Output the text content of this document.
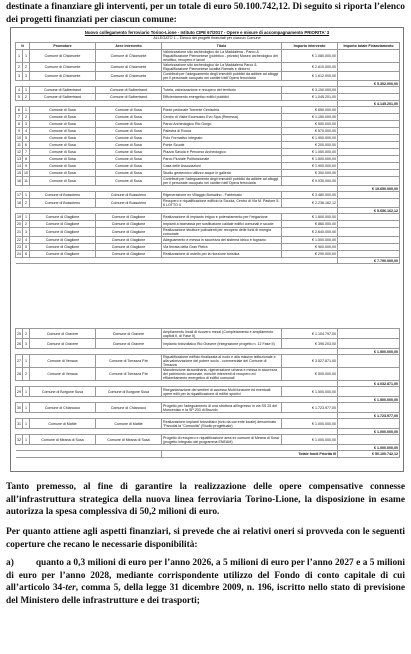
destinate a finanziare gli interventi, per un totale di euro 50.100.742,12. Di seguito si riporta l’elenco
dei progetti finanziati per ciascun comune:
Nuovo collegamento ferroviario Torino-Lione - Istituto CIPE 67/2017 - Opere e misure di accompagnamento PRIORITA' 3
ALLEGATO 1 – Elenco dei progetti finanziati per ciascun Comune
N		Promotore	Aree intervento	Titolo	Importo intervento	Importo totale Finanziamento
1	1	Comune di Chiomonte	Comune di Chiomonte	Valorizzazione sito archeologico de La Maddalena - Parco & Riqualificazione Piemontese (pubblico - privato) Museo archeologico del neolitico, recupero e lavori	€ 1.080.000,00	
2	2	Comune di Chiomonte	Comune di Chiomonte	Valorizzazione sito archeologico de La Maddalena Parco & Riqualificazione Piemontese località Ramats e dintorni	€ 2.610.000,00	
3	3	Comune di Chiomonte	Comune di Chiomonte	Contributi per l'adeguamento degli immobili pubblici da adibire ad alloggi per il personale occupato nei cantieri dell'Opera ferroviaria	€ 1.612.000,00	
						€ 5.302.000,00
4	1	Comune di Salbertrand	Comune di Salbertrand	Tutela, valorizzazione e recupero del territorio	€ 3.100.000,00	
5	2	Comune di Salbertrand	Comune di Salbertrand	Efficientamento energetico edifici pubblici	€ 1.045.201,00	
						€ 4.145.201,00
6	1	Comune di Susa	Comune di Susa	Ponte pedonale Torrente Cenischia	€ 650.000,00	
7	2	Comune di Susa	Comune di Susa	Centro di Visite Ecomuseo Evo Sipa (Rimessa)	€ 1.150.000,00	
8	3	Comune di Susa	Comune di Susa	Parco Archeologico Rio Gorgo	€ 500.000,00	
9	4	Comune di Susa	Comune di Susa	Palestra di Rocca	€ 570.000,00	
10	5	Comune di Susa	Comune di Susa	Polo Formativo Integrato	€ 1.900.000,00	
11	6	Comune di Susa	Comune di Susa	Ponte Scuole	€ 200.000,00	
12	7	Comune di Susa	Comune di Susa	Piazza Savoia e Percorso Archeologico	€ 1.050.000,00	
13	8	Comune di Susa	Comune di Susa	Parco Fluviale Polifunzionale	€ 1.500.000,00	
14	9	Comune di Susa	Comune di Susa	Casa delle Associazioni	€ 1.900.000,00	
15	10	Comune di Susa	Comune di Susa	Studio geotecnico utilizzo acque in galleria	€ 300.000,00	
16	11	Comune di Susa	Comune di Susa	Contributi per l'adeguamento degli immobili pubblici da adibire ad alloggi per il personale occupato nei cantieri dell'Opera ferroviaria	€ 9.930.000,00	
						€ 19.650.000,00
17	1	Comune di Bussoleno	Comune di Bussoleno	Rigenerazione ex Villaggio Borsalino - Fabbricato	€ 3.480.000,00	
18	2	Comune di Bussoleno	Comune di Bussoleno	Recupero e riqualificazione edificio la Scuola, Centro di Via M. Pastore 5-6 LOTTO II	€ 2.236.162,12	
						€ 5.656.162,12
19	1	Comune di Giaglione	Comune di Giaglione	Realizzazione di impianto irriguo e potenziamento per l'irrigazione	€ 1.600.000,00	
20	2	Comune di Giaglione	Comune di Giaglione	Impianti a biomassa per sostituzione caldaie edifici comunali e scuole	€ 860.000,00	
21	3	Comune di Giaglione	Comune di Giaglione	Realizzazione strutture polivalenti per recupero delle fonti di energia comunale	€ 2.640.000,00	
22	4	Comune di Giaglione	Comune di Giaglione	Adeguamento e messa in sicurezza del sistema idrico e fognario	€ 1.500.000,00	
23	5	Comune di Giaglione	Comune di Giaglione	Via ferrata della Gran Pietra	€ 900.000,00	
24	6	Comune di Giaglione	Comune di Giaglione	Realizzazione di ostello per la ricezione turistica	€ 290.000,00	
						€ 7.790.000,00
25	2	Comune di Gravere	Comune di Gravere	Ampliamento locali di ricovero mezzi (Completamento e ampliamento capitoli II, di Fase II)	€ 1.104.797,00	
26	3	Comune di Gravere	Comune di Gravere	Impianto fotovoltaico Rio Gravere (Integrazione progetto n. 12 Fase II)	€ 395.203,00	
						€ 1.500.000,00
27	1	Comune di Venaus	Comune di Torrazza P.te	Riqualificazione edificio finalizzata al ruolo e alla mission istituzionale e alla valorizzazione del potere socio - commerciale del Comune di Torrazza	€ 3.527.871,00	
28	2	Comune di Venaus	Comune di Torrazza P.te	Manutenzione straordinaria, rigenerazione urbana e messa in sicurezza del patrimonio comunale, nonché interventi di recupero ed efficientamento energetico di edifici comunali	€ 505.000,00	
						€ 4.032.871,00
29	1	Comune di Borgone Susa	Comune di Borgone Susa	Riorganizzazione dei sentieri di accesso Multi funzione ed eventuali opere edili per la riqualificazione di edifici sportivi	€ 1.500.000,00	
						€ 1.500.000,00
30	1	Comune di Chianocco	Comune di Chianocco	Progetto per l'adeguamento di una struttura all'ingresso in via SS 25 del Moncenisio e la SP 203 di Bruzolo	€ 1.723.977,00	
						€ 1.723.977,00
31	1	Comune di Mattie	Comune di Mattie	Realizzazione impianti fotovoltaici (rivio da corrente locale) denominato "Parcolai la "Comunità" (Studio progettuale)	€ 1.000.000,00	
						€ 1.000.000,00
32	1	Comune di Meana di Susa	Comune di Meana di Susa	Progetto di recupero e riqualificazione area ex comune di Meana di Susa (progetto integrato del programma ENEAM)	€ 1.000.000,00	
						€ 1.000.000,00
				Totale fondi Priorità III		€ 50.100.742,12
Tanto premesso, al fine di garantire la realizzazione delle opere compensative connesse all’infrastruttura strategica della nuova linea ferroviaria Torino-Lione, la disposizione in esame autorizza la spesa complessiva di 50,2 milioni di euro.
Per quanto attiene agli aspetti finanziari, si prevede che ai relativi oneri si provveda con le seguenti coperture che recano le necessarie disponibilità:
a) quanto a 0,3 milioni di euro per l’anno 2026, a 5 milioni di euro per l’anno 2027 e a 5 milioni di euro per l’anno 2028, mediante corrispondente utilizzo del Fondo di conto capitale di cui all’articolo 34-ter, comma 5, della legge 31 dicembre 2009, n. 196, iscritto nello stato di previsione del Ministero delle infrastrutture e dei trasporti;
